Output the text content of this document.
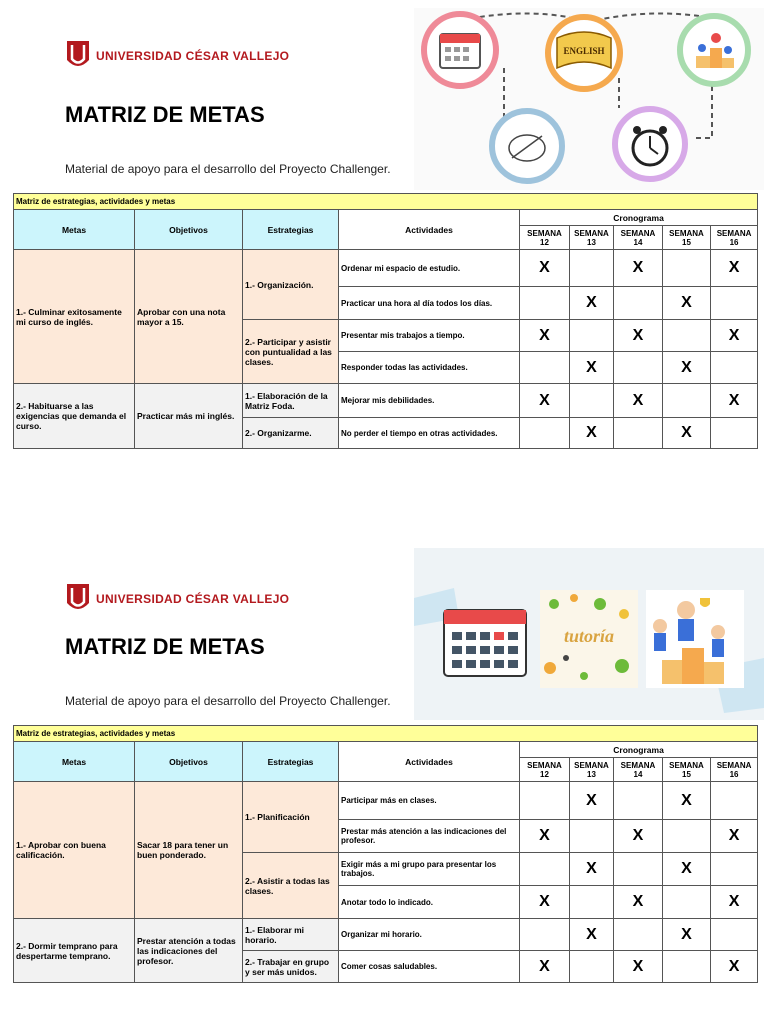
UNIVERSIDAD CÉSAR VALLEJO
MATRIZ DE METAS
Material de apoyo para el desarrollo del Proyecto Challenger.
ENGLISH
Matriz de estrategias, actividades y metas								
Metas	Objetivos	Estrategias	Actividades	Cronograma				
				SEMANA 12	SEMANA 13	SEMANA 14	SEMANA 15	SEMANA 16
1.- Culminar exitosamente mi curso de inglés.	Aprobar con una nota mayor a 15.	1.- Organización.	Ordenar mi espacio de estudio.	X		X		X
			Practicar una hora al día todos los días.		X		X	
		2.- Participar y asistir con puntualidad a las clases.	Presentar mis trabajos a tiempo.	X		X		X
			Responder todas las actividades.		X		X	
2.- Habituarse a las exigencias que demanda el curso.	Practicar más mi inglés.	1.- Elaboración de la Matriz Foda.	Mejorar mis debilidades.	X		X		X
		2.- Organizarme.	No perder el tiempo en otras actividades.		X		X	
UNIVERSIDAD CÉSAR VALLEJO
MATRIZ DE METAS
Material de apoyo para el desarrollo del Proyecto Challenger.
tutoría
Matriz de estrategias, actividades y metas								
Metas	Objetivos	Estrategias	Actividades	Cronograma				
				SEMANA 12	SEMANA 13	SEMANA 14	SEMANA 15	SEMANA 16
1.- Aprobar con buena calificación.	Sacar 18 para tener un buen ponderado.	1.- Planificación	Participar más en clases.		X		X	
			Prestar más atención a las indicaciones del profesor.	X		X		X
		2.- Asistir a todas las clases.	Exigir más a mi grupo para presentar los trabajos.		X		X	
			Anotar todo lo indicado.	X		X		X
2.- Dormir temprano para despertarme temprano.	Prestar atención a todas las indicaciones del profesor.	1.- Elaborar mi horario.	Organizar mi horario.		X		X	
		2.- Trabajar en grupo y ser más unidos.	Comer cosas saludables.	X		X		X
